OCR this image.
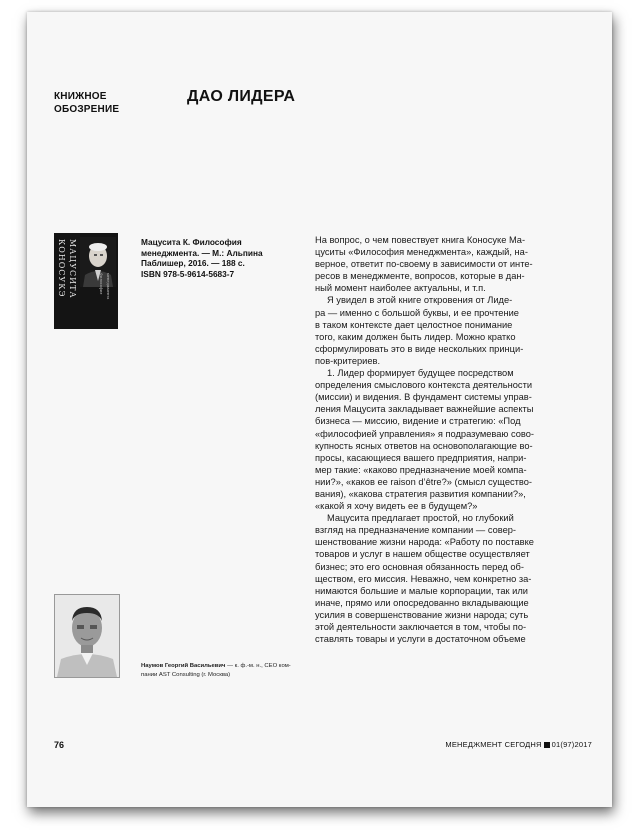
КНИЖНОЕ
ОБОЗРЕНИЕ
ДАО ЛИДЕРА
КОНОСУКЭ МАЦУСИТА	Философия менеджмента
Мацусита К. Философия
менеджмента. — М.: Альпина
Паблишер, 2016. — 188 с.
ISBN 978-5-9614-5683-7
Наумов Георгий Васильевич — к. ф.-м. н., CEO ком-
пании AST Consulting (г. Москва)
На вопрос, о чем повествует книга Коносуке Ма-
цуситы «Философия менеджмента», каждый, на-
верное, ответит по-своему в зависимости от инте-
ресов в менеджменте, вопросов, которые в дан-
ный момент наиболее актуальны, и т.п.
Я увидел в этой книге откровения от Лиде-
ра — именно с большой буквы, и ее прочтение
в таком контексте дает целостное понимание
того, каким должен быть лидер. Можно кратко
сформулировать это в виде нескольких принци-
пов-критериев.
1. Лидер формирует будущее посредством
определения смыслового контекста деятельности
(миссии) и видения. В фундамент системы управ-
ления Мацусита закладывает важнейшие аспекты
бизнеса — миссию, видение и стратегию: «Под
«философией управления» я подразумеваю сово-
купность ясных ответов на основополагающие во-
просы, касающиеся вашего предприятия, напри-
мер такие: «каково предназначение моей компа-
нии?», «каков ее raison d’être?» (смысл существо-
вания), «какова стратегия развития компании?»,
«какой я хочу видеть ее в будущем?»
Мацусита предлагает простой, но глубокий
взгляд на предназначение компании — совер-
шенствование жизни народа: «Работу по поставке
товаров и услуг в нашем обществе осуществляет
бизнес; это его основная обязанность перед об-
ществом, его миссия. Неважно, чем конкретно за-
нимаются большие и малые корпорации, так или
иначе, прямо или опосредованно вкладывающие
усилия в совершенствование жизни народа; суть
этой деятельности заключается в том, чтобы по-
ставлять товары и услуги в достаточном объеме
76	МЕНЕДЖМЕНТ СЕГОДНЯ 01(97)2017
